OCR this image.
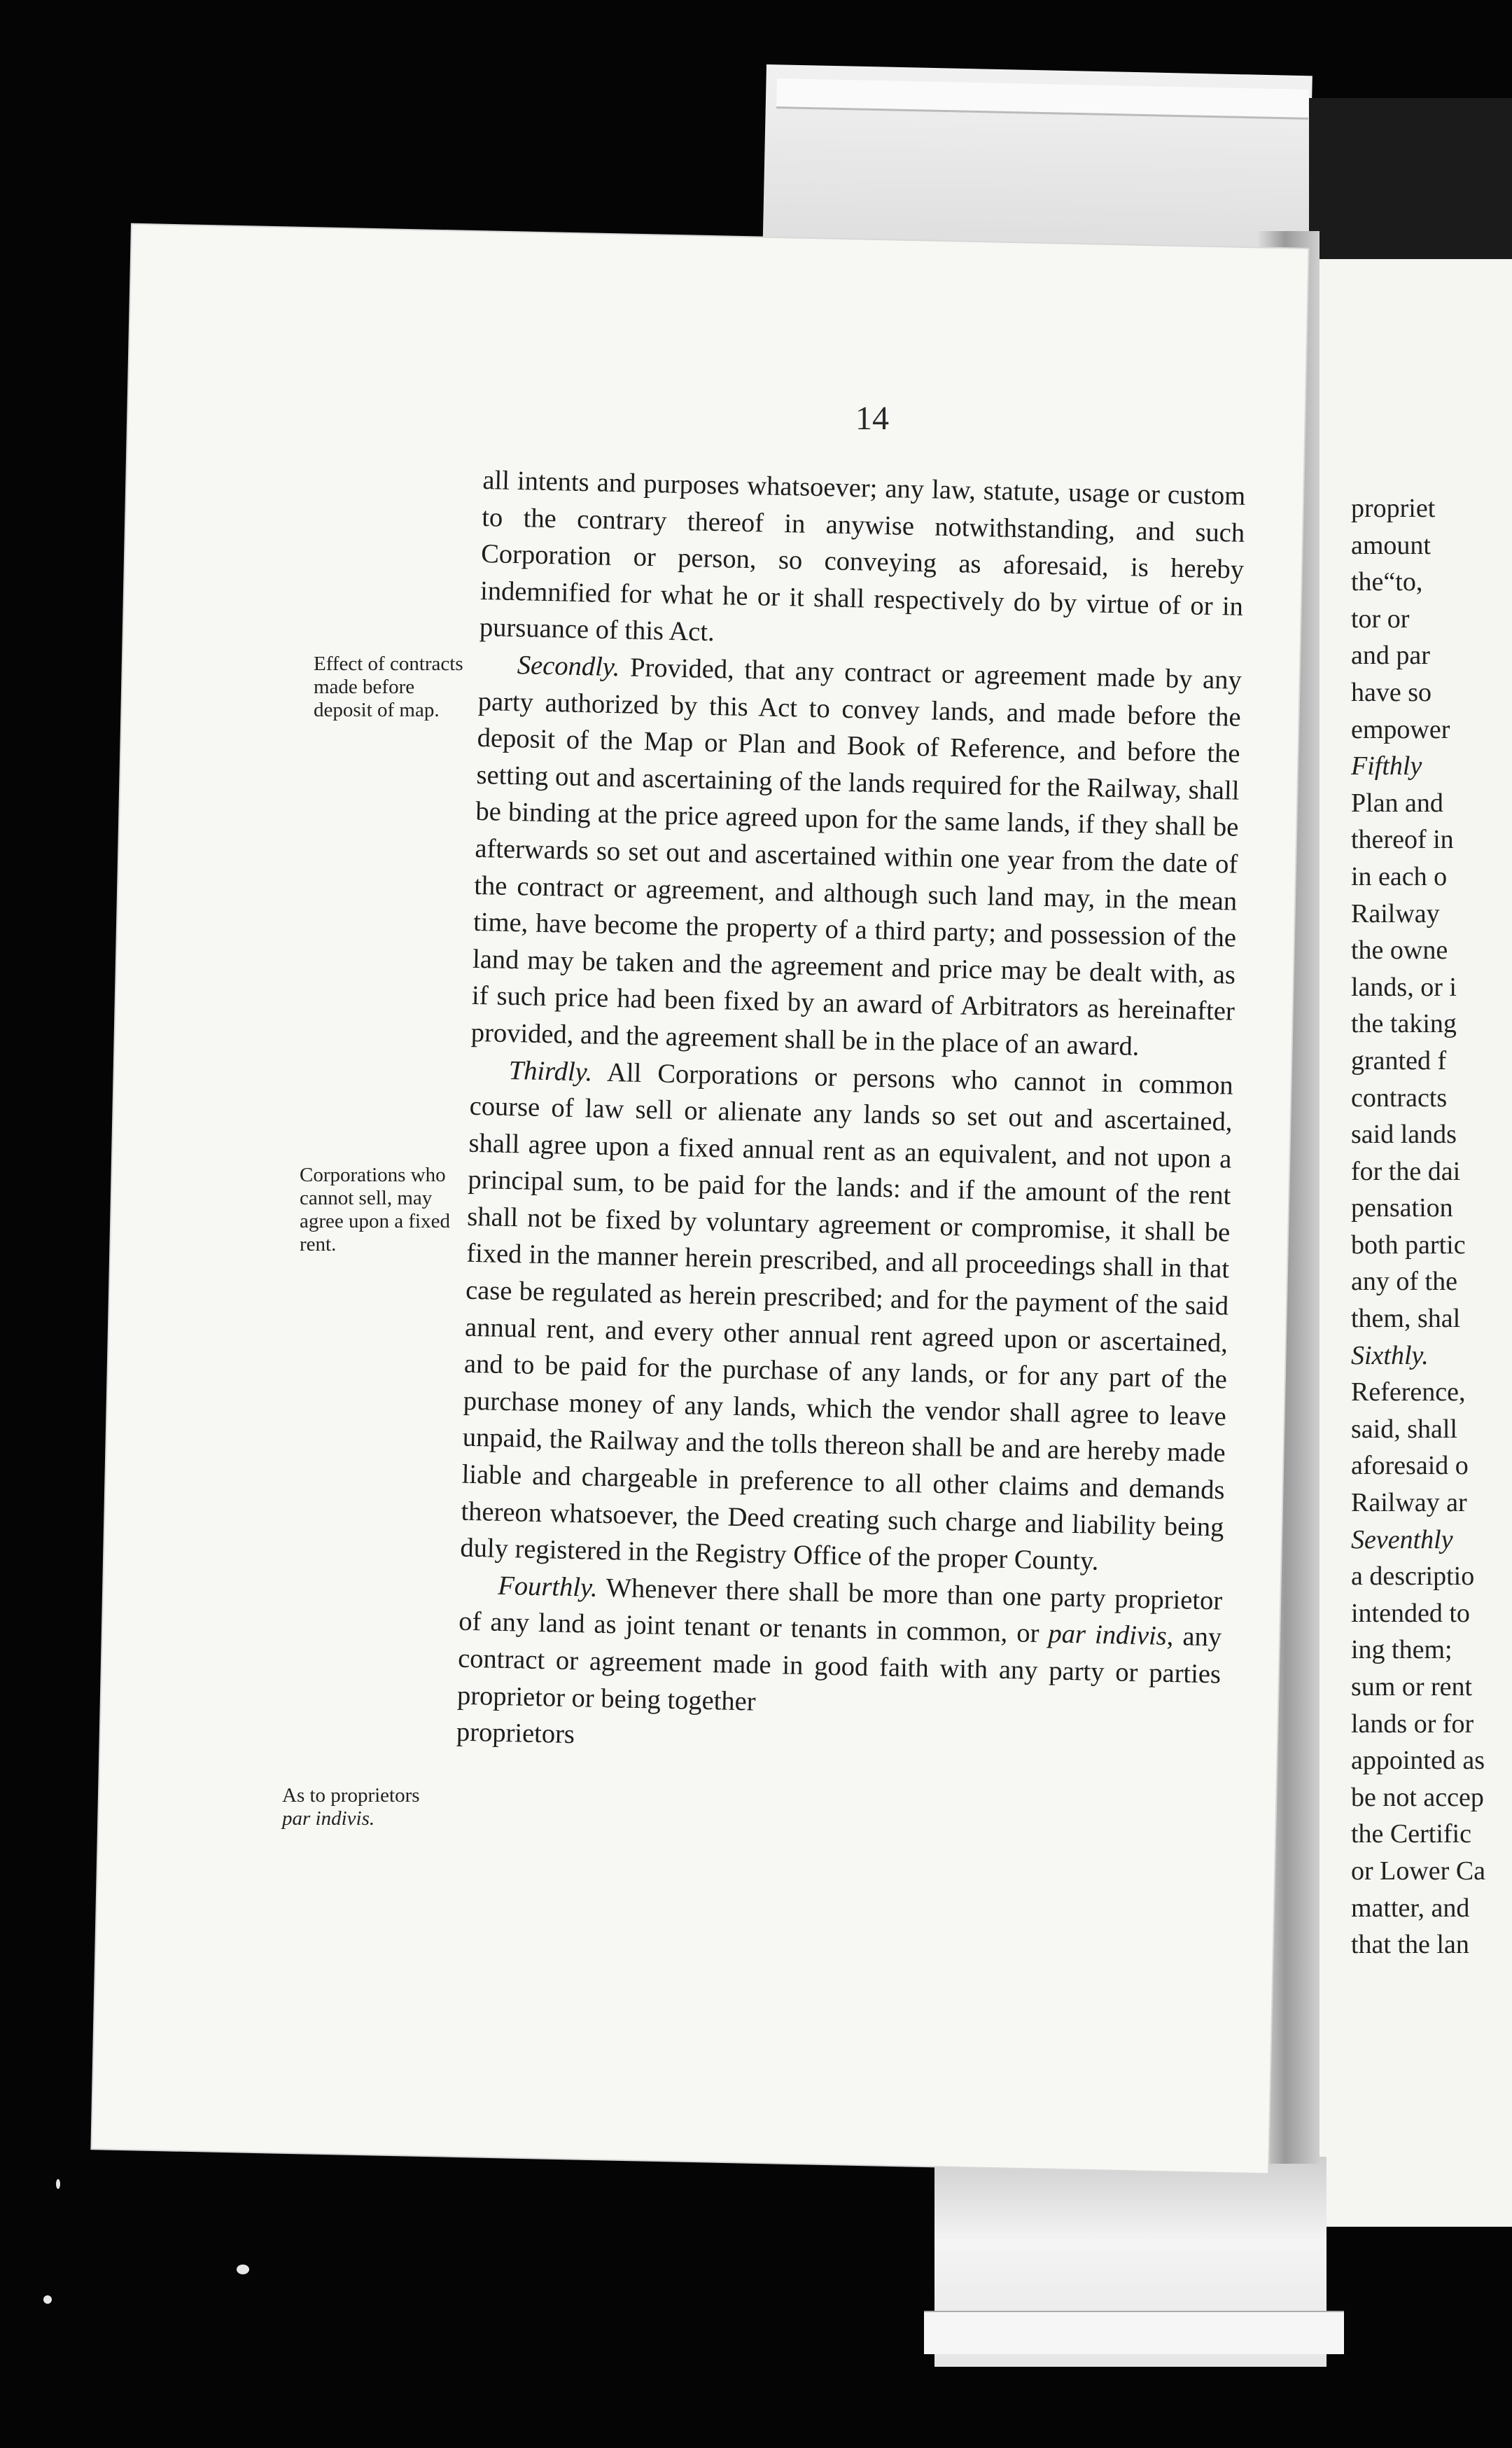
14

all intents and purposes whatsoever; any law, statute, usage or custom to the contrary thereof in anywise notwithstanding, and such Corporation or person, so conveying as aforesaid, is hereby indemnified for what he or it shall respectively do by virtue of or in pursuance of this Act.

Secondly. Provided, that any contract or agreement made by any party authorized by this Act to convey lands, and made before the deposit of the Map or Plan and Book of Reference, and before the setting out and ascertaining of the lands required for the Railway, shall be binding at the price agreed upon for the same lands, if they shall be afterwards so set out and ascertained within one year from the date of the contract or agreement, and although such land may, in the mean time, have become the property of a third party; and possession of the land may be taken and the agreement and price may be dealt with, as if such price had been fixed by an award of Arbitrators as hereinafter provided, and the agreement shall be in the place of an award.

Thirdly. All Corporations or persons who cannot in common course of law sell or alienate any lands so set out and ascertained, shall agree upon a fixed annual rent as an equivalent, and not upon a principal sum, to be paid for the lands: and if the amount of the rent shall not be fixed by voluntary agreement or compromise, it shall be fixed in the manner herein prescribed, and all proceedings shall in that case be regulated as herein prescribed; and for the payment of the said annual rent, and every other annual rent agreed upon or ascertained, and to be paid for the purchase of any lands, or for any part of the purchase money of any lands, which the vendor shall agree to leave unpaid, the Railway and the tolls thereon shall be and are hereby made liable and chargeable in preference to all other claims and demands thereon whatsoever, the Deed creating such charge and liability being duly registered in the Registry Office of the proper County.

Fourthly. Whenever there shall be more than one party proprietor of any land as joint tenant or tenants in common, or par indivis, any contract or agreement made in good faith with any party or parties proprietor or being together

proprietors

Effect of contracts made before deposit of map.
Corporations who cannot sell, may agree upon a fixed rent.
As to proprietors par indivis.
propriet
amount
the“to,
tor or
and par
have so
empower
Fifthly
Plan and
thereof in
in each o
Railway
the owne
lands, or i
the taking
granted f
contracts
said lands
for the dai
pensation
both partic
any of the
them, shal
Sixthly.
Reference,
said, shall
aforesaid o
Railway ar
Seventhly
a descriptio
intended to
ing them;
sum or rent
lands or for
appointed as
be not accep
the Certific
or Lower Ca
matter, and
that the lan
